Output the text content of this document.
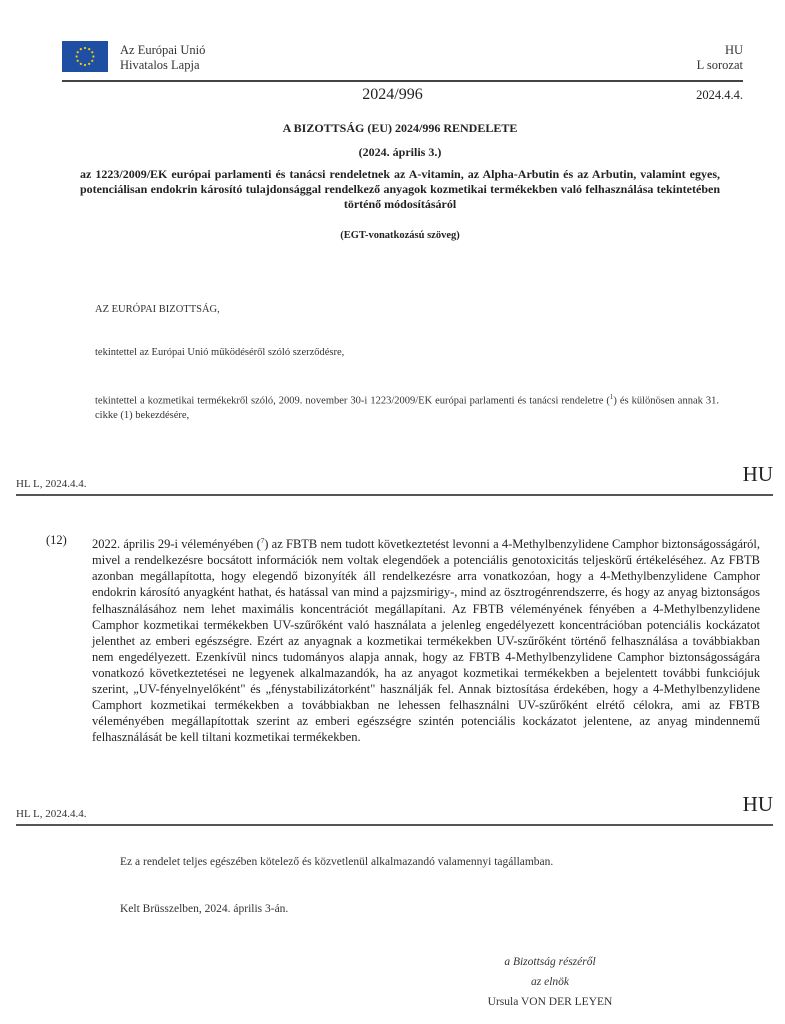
Az Európai Unió
Hivatalos Lapja
HU
L sorozat
2024/996	2024.4.4.
A BIZOTTSÁG (EU) 2024/996 RENDELETE
(2024. április 3.)
az 1223/2009/EK európai parlamenti és tanácsi rendeletnek az A-vitamin, az Alpha-Arbutin és az Arbutin, valamint egyes, potenciálisan endokrin károsító tulajdonsággal rendelkező anyagok kozmetikai termékekben való felhasználása tekintetében történő módosításáról
(EGT-vonatkozású szöveg)
AZ EURÓPAI BIZOTTSÁG,
tekintettel az Európai Unió működéséről szóló szerződésre,
tekintettel a kozmetikai termékekről szóló, 2009. november 30-i 1223/2009/EK európai parlamenti és tanácsi rendeletre ($^1$) és különösen annak 31. cikke (1) bekezdésére,
HL L, 2024.4.4.	HU
(12) 2022. április 29-i véleményében ($^7$) az FBTB nem tudott következtetést levonni a 4-Methylbenzylidene Camphor biztonságosságáról, mivel a rendelkezésre bocsátott információk nem voltak elegendőek a potenciális genotoxicitás teljeskörű értékeléséhez. Az FBTB azonban megállapította, hogy elegendő bizonyíték áll rendelkezésre arra vonatkozóan, hogy a 4-Methylbenzylidene Camphor endokrin károsító anyagként hathat, és hatással van mind a pajzsmirigy-, mind az ösztrogénrendszerre, és hogy az anyag biztonságos felhasználásához nem lehet maximális koncentrációt megállapítani. Az FBTB véleményének fényében a 4-Methylbenzylidene Camphor kozmetikai termékekben UV-szűrőként való használata a jelenleg engedélyezett koncentrációban potenciális kockázatot jelenthet az emberi egészségre. Ezért az anyagnak a kozmetikai termékekben UV-szűrőként történő felhasználása a továbbiakban nem engedélyezett. Ezenkívül nincs tudományos alapja annak, hogy az FBTB 4-Methylbenzylidene Camphor biztonságosságára vonatkozó következtetései ne legyenek alkalmazandók, ha az anyagot kozmetikai termékekben a bejelentett további funkciójuk szerint, „UV-fényelnyelőként" és „fénystabilizátorként" használják fel. Annak biztosítása érdekében, hogy a 4-Methylbenzylidene Camphort kozmetikai termékekben a továbbiakban ne lehessen felhasználni UV-szűrőként elrétő célokra, ami az FBTB véleményében megállapítottak szerint az emberi egészségre szintén potenciális kockázatot jelentene, az anyag mindennemű felhasználását be kell tiltani kozmetikai termékekben.
HL L, 2024.4.4.	HU
Ez a rendelet teljes egészében kötelező és közvetlenül alkalmazandó valamennyi tagállamban.
Kelt Brüsszelben, 2024. április 3-án.
a Bizottság részéről
az elnök
Ursula VON DER LEYEN
